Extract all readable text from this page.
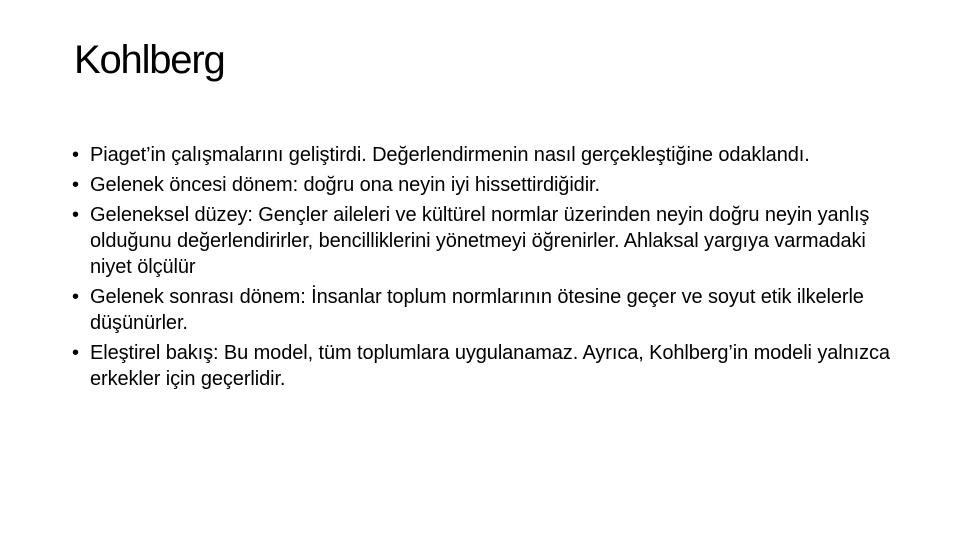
Kohlberg
• Piaget’in çalışmalarını geliştirdi. Değerlendirmenin nasıl gerçekleştiğine odaklandı.
• Gelenek öncesi dönem: doğru ona neyin iyi hissettirdiğidir.
• Geleneksel düzey: Gençler aileleri ve kültürel normlar üzerinden neyin doğru neyin yanlış olduğunu değerlendirirler, bencilliklerini yönetmeyi öğrenirler. Ahlaksal yargıya varmadaki niyet ölçülür
• Gelenek sonrası dönem: İnsanlar toplum normlarının ötesine geçer ve soyut etik ilkelerle düşünürler.
• Eleştirel bakış: Bu model, tüm toplumlara uygulanamaz. Ayrıca, Kohlberg’in modeli yalnızca erkekler için geçerlidir.
